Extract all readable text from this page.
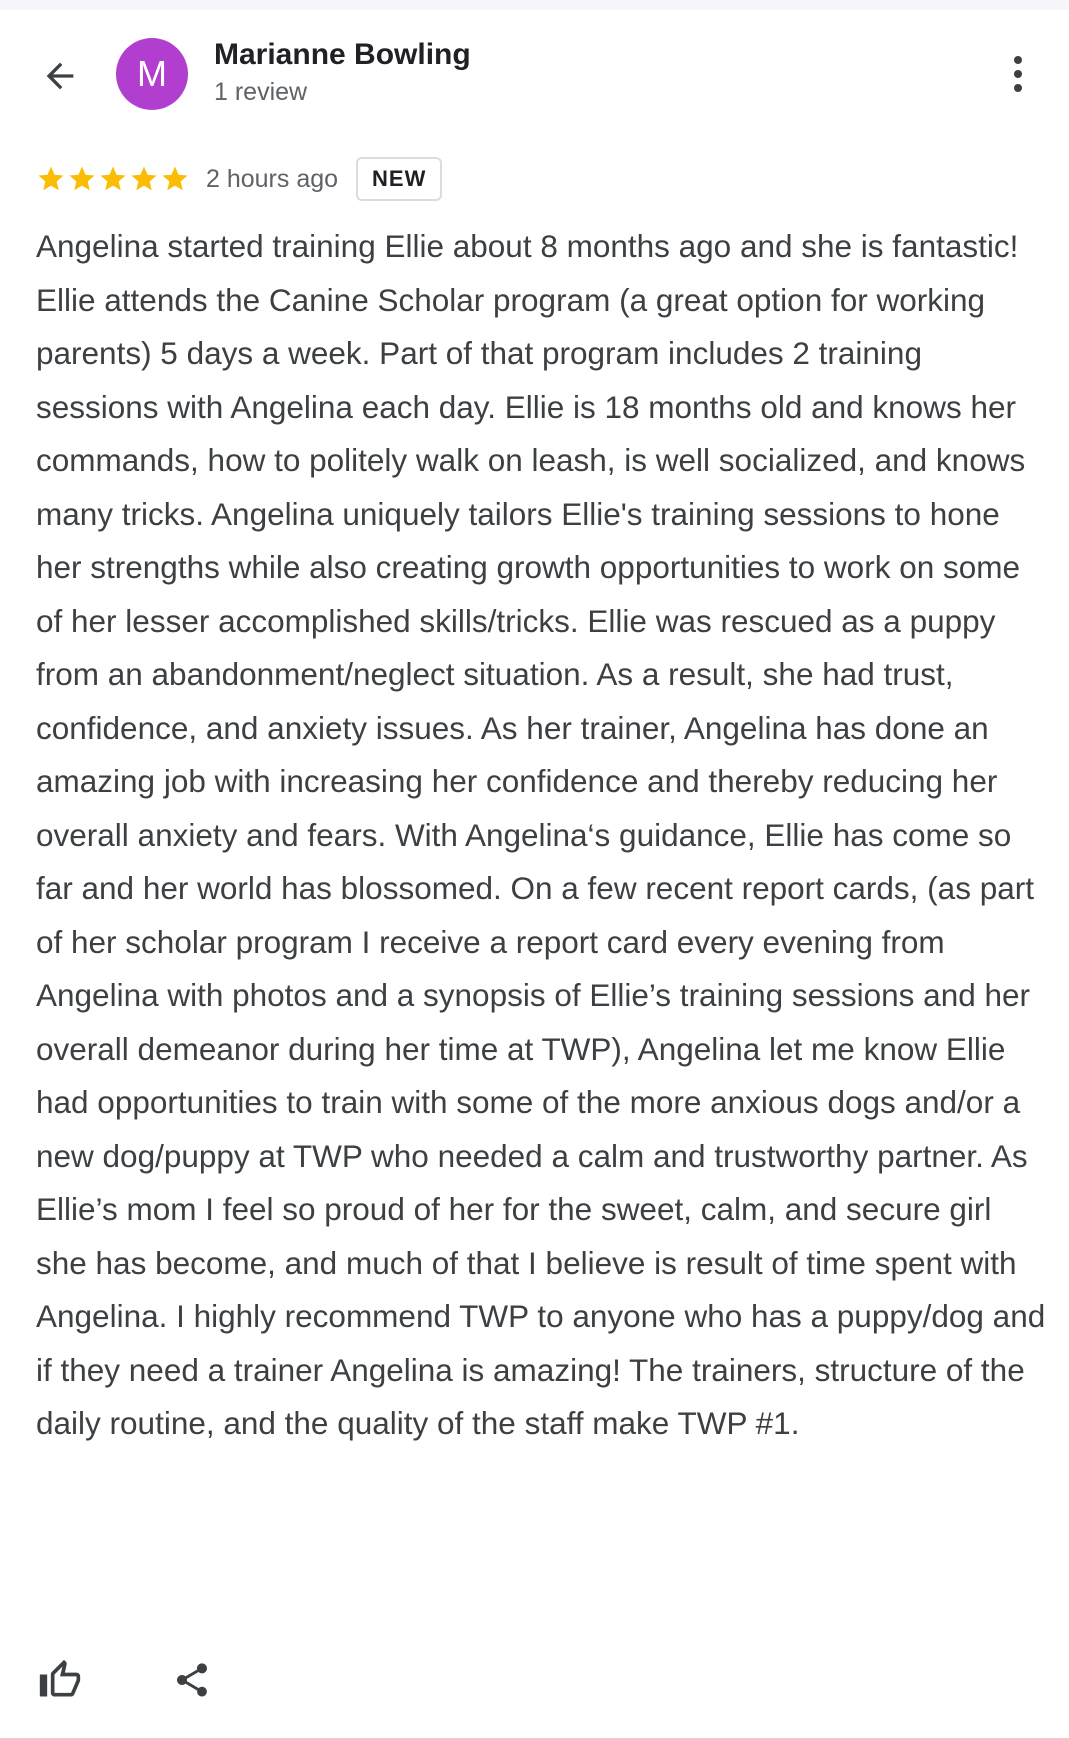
M Marianne Bowling
1 review
2 hours ago	NEW

Angelina started training Ellie about 8 months ago and she is fantastic! Ellie attends the Canine Scholar program (a great option for working parents) 5 days a week. Part of that program includes 2 training sessions with Angelina each day. Ellie is 18 months old and knows her commands, how to politely walk on leash, is well socialized, and knows many tricks. Angelina uniquely tailors Ellie's training sessions to hone her strengths while also creating growth opportunities to work on some of her lesser accomplished skills/tricks. Ellie was rescued as a puppy from an abandonment/neglect situation. As a result, she had trust, confidence, and anxiety issues. As her trainer, Angelina has done an amazing job with increasing her confidence and thereby reducing her overall anxiety and fears. With Angelina‘s guidance, Ellie has come so far and her world has blossomed. On a few recent report cards, (as part of her scholar program I receive a report card every evening from Angelina with photos and a synopsis of Ellie’s training sessions and her overall demeanor during her time at TWP), Angelina let me know Ellie had opportunities to train with some of the more anxious dogs and/or a new dog/puppy at TWP who needed a calm and trustworthy partner. As Ellie’s mom I feel so proud of her for the sweet, calm, and secure girl she has become, and much of that I believe is result of time spent with Angelina. I highly recommend TWP to anyone who has a puppy/dog and if they need a trainer Angelina is amazing! The trainers, structure of the daily routine, and the quality of the staff make TWP #1.
